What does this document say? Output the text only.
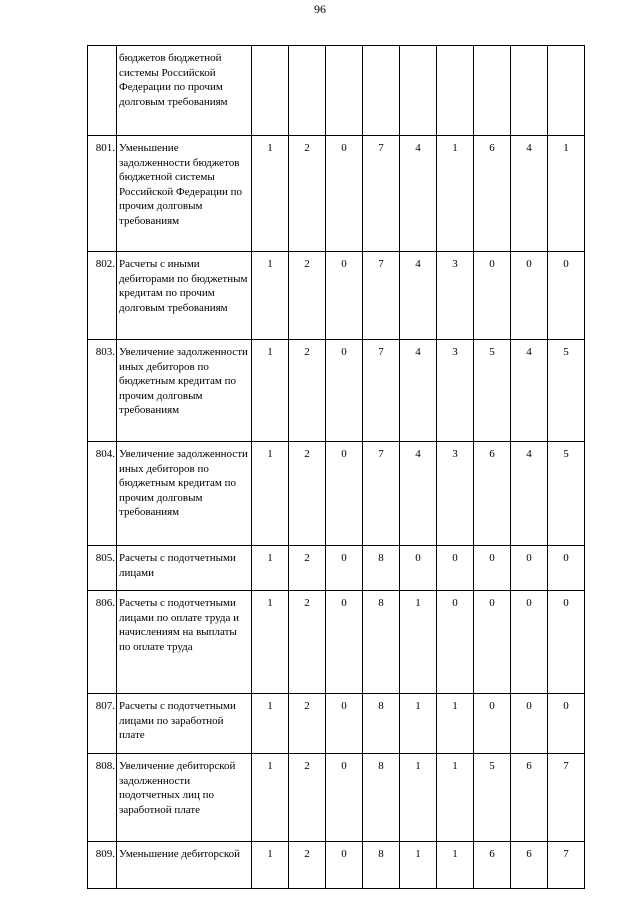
96
	бюджетов бюджетной системы Российской Федерации по прочим долговым требованиям									
801.	Уменьшение задолженности бюджетов бюджетной системы Российской Федерации по прочим долговым требованиям	1	2	0	7	4	1	6	4	1
802.	Расчеты с иными дебиторами по бюджетным кредитам по прочим долговым требованиям	1	2	0	7	4	3	0	0	0
803.	Увеличение задолженности иных дебиторов по бюджетным кредитам по прочим долговым требованиям	1	2	0	7	4	3	5	4	5
804.	Увеличение задолженности иных дебиторов по бюджетным кредитам по прочим долговым требованиям	1	2	0	7	4	3	6	4	5
805.	Расчеты с подотчетными лицами	1	2	0	8	0	0	0	0	0
806.	Расчеты с подотчетными лицами по оплате труда и начислениям на выплаты по оплате труда	1	2	0	8	1	0	0	0	0
807.	Расчеты с подотчетными лицами по заработной плате	1	2	0	8	1	1	0	0	0
808.	Увеличение дебиторской задолженности подотчетных лиц по заработной плате	1	2	0	8	1	1	5	6	7
809.	Уменьшение дебиторской	1	2	0	8	1	1	6	6	7
